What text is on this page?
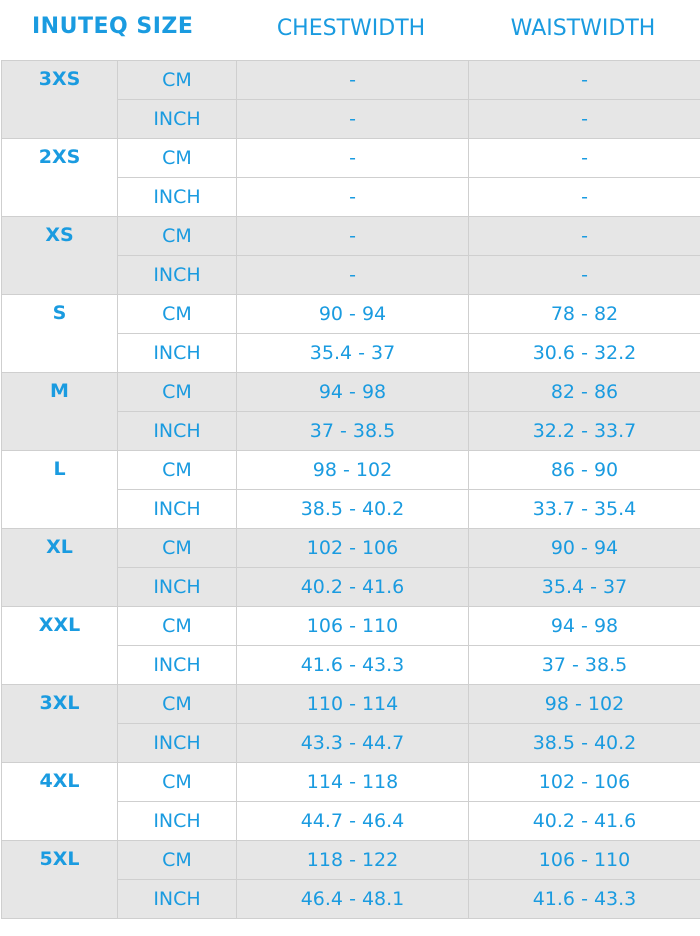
INUTEQ SIZE	CHESTWIDTH	WAISTWIDTH
3XS	CM	-	-
	INCH	-	-
2XS	CM	-	-
	INCH	-	-
XS	CM	-	-
	INCH	-	-
S	CM	90 - 94	78 - 82
	INCH	35.4 - 37	30.6 - 32.2
M	CM	94 - 98	82 - 86
	INCH	37 - 38.5	32.2 - 33.7
L	CM	98 - 102	86 - 90
	INCH	38.5 - 40.2	33.7 - 35.4
XL	CM	102 - 106	90 - 94
	INCH	40.2 - 41.6	35.4 - 37
XXL	CM	106 - 110	94 - 98
	INCH	41.6 - 43.3	37 - 38.5
3XL	CM	110 - 114	98 - 102
	INCH	43.3 - 44.7	38.5 - 40.2
4XL	CM	114 - 118	102 - 106
	INCH	44.7 - 46.4	40.2 - 41.6
5XL	CM	118 - 122	106 - 110
	INCH	46.4 - 48.1	41.6 - 43.3
